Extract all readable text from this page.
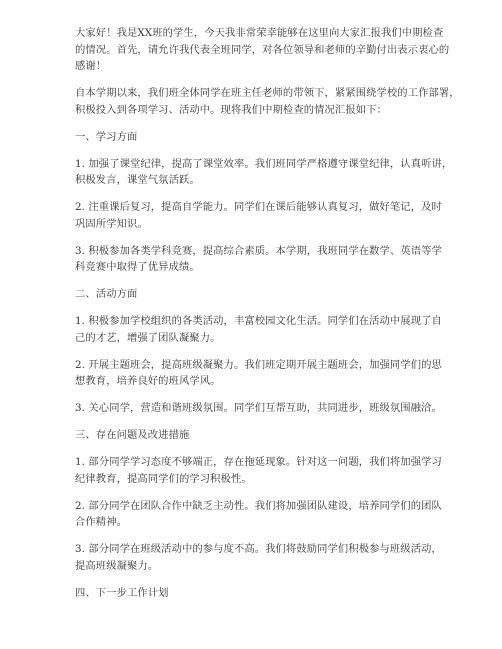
大家好！我是XX班的学生，今天我非常荣幸能够在这里向大家汇报我们中期检查
的情况。首先，请允许我代表全班同学，对各位领导和老师的辛勤付出表示衷心的
感谢！
自本学期以来，我们班全体同学在班主任老师的带领下，紧紧围绕学校的工作部署，
积极投入到各项学习、活动中。现将我们中期检查的情况汇报如下：
一、学习方面
1. 加强了课堂纪律，提高了课堂效率。我们班同学严格遵守课堂纪律，认真听讲，
积极发言，课堂气氛活跃。
2. 注重课后复习，提高自学能力。同学们在课后能够认真复习，做好笔记，及时
巩固所学知识。
3. 积极参加各类学科竞赛，提高综合素质。本学期，我班同学在数学、英语等学
科竞赛中取得了优异成绩。
二、活动方面
1. 积极参加学校组织的各类活动，丰富校园文化生活。同学们在活动中展现了自
己的才艺，增强了团队凝聚力。
2. 开展主题班会，提高班级凝聚力。我们班定期开展主题班会，加强同学们的思
想教育，培养良好的班风学风。
3. 关心同学，营造和谐班级氛围。同学们互帮互助，共同进步，班级氛围融洽。
三、存在问题及改进措施
1. 部分同学学习态度不够端正，存在拖延现象。针对这一问题，我们将加强学习
纪律教育，提高同学们的学习积极性。
2. 部分同学在团队合作中缺乏主动性。我们将加强团队建设，培养同学们的团队
合作精神。
3. 部分同学在班级活动中的参与度不高。我们将鼓励同学们积极参与班级活动，
提高班级凝聚力。
四、下一步工作计划
